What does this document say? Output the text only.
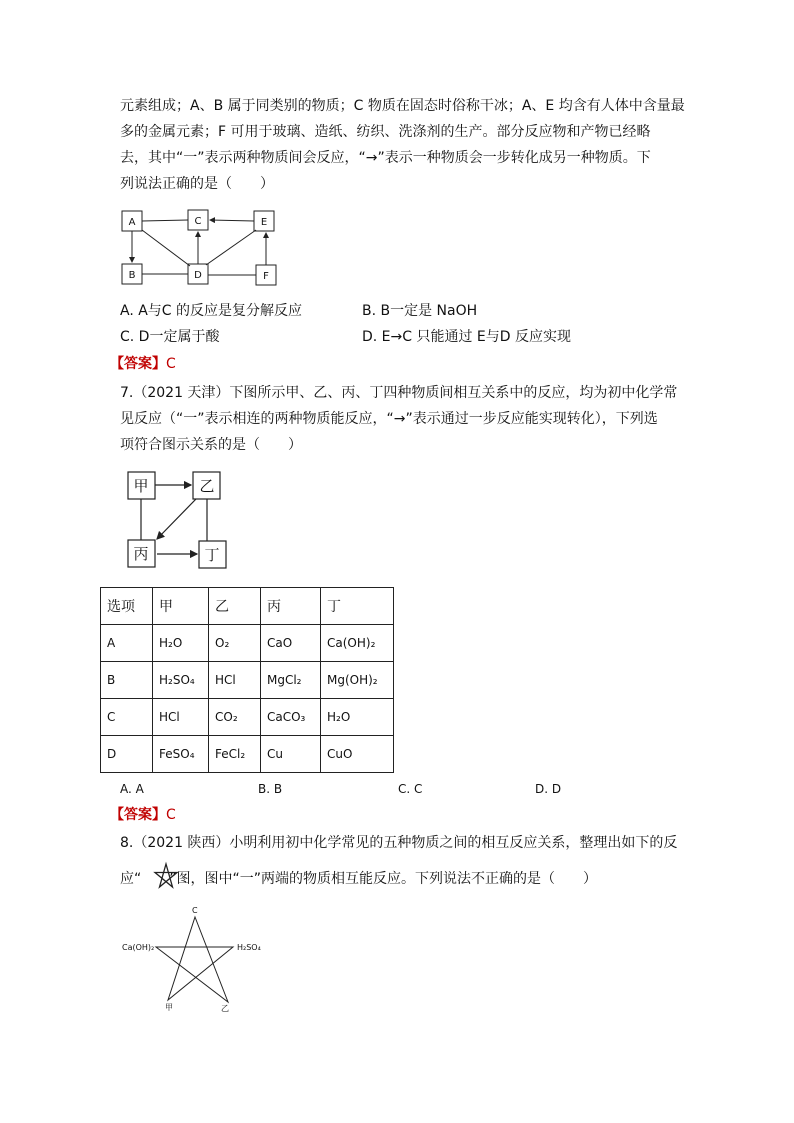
元素组成；A、B 属于同类别的物质；C 物质在固态时俗称干冰；A、E 均含有人体中含量最
多的金属元素；F 可用于玻璃、造纸、纺织、洗涤剂的生产。部分反应物和产物已经略
去，其中“一”表示两种物质间会反应，“→”表示一种物质会一步转化成另一种物质。下
列说法正确的是（　　）
A	C	E
B	D	F
A. A与C 的反应是复分解反应	B. B一定是 NaOH
C. D一定属于酸	D. E→C 只能通过 E与D 反应实现
【答案】C
7.（2021 天津）下图所示甲、乙、丙、丁四种物质间相互关系中的反应，均为初中化学常
见反应（“一”表示相连的两种物质能反应，“→”表示通过一步反应能实现转化），下列选
项符合图示关系的是（　　）
甲	乙
丙	丁
选项	甲	乙	丙	丁
A	H₂O	O₂	CaO	Ca(OH)₂
B	H₂SO₄	HCl	MgCl₂	Mg(OH)₂
C	HCl	CO₂	CaCO₃	H₂O
D	FeSO₄	FeCl₂	Cu	CuO
A. A	B. B	C. C	D. D
【答案】C
8.（2021 陕西）小明利用初中化学常见的五种物质之间的相互反应关系，整理出如下的反
应“ ”图，图中“一”两端的物质相互能反应。下列说法不正确的是（　　）
C
Ca(OH)₂	H₂SO₄
甲	乙
